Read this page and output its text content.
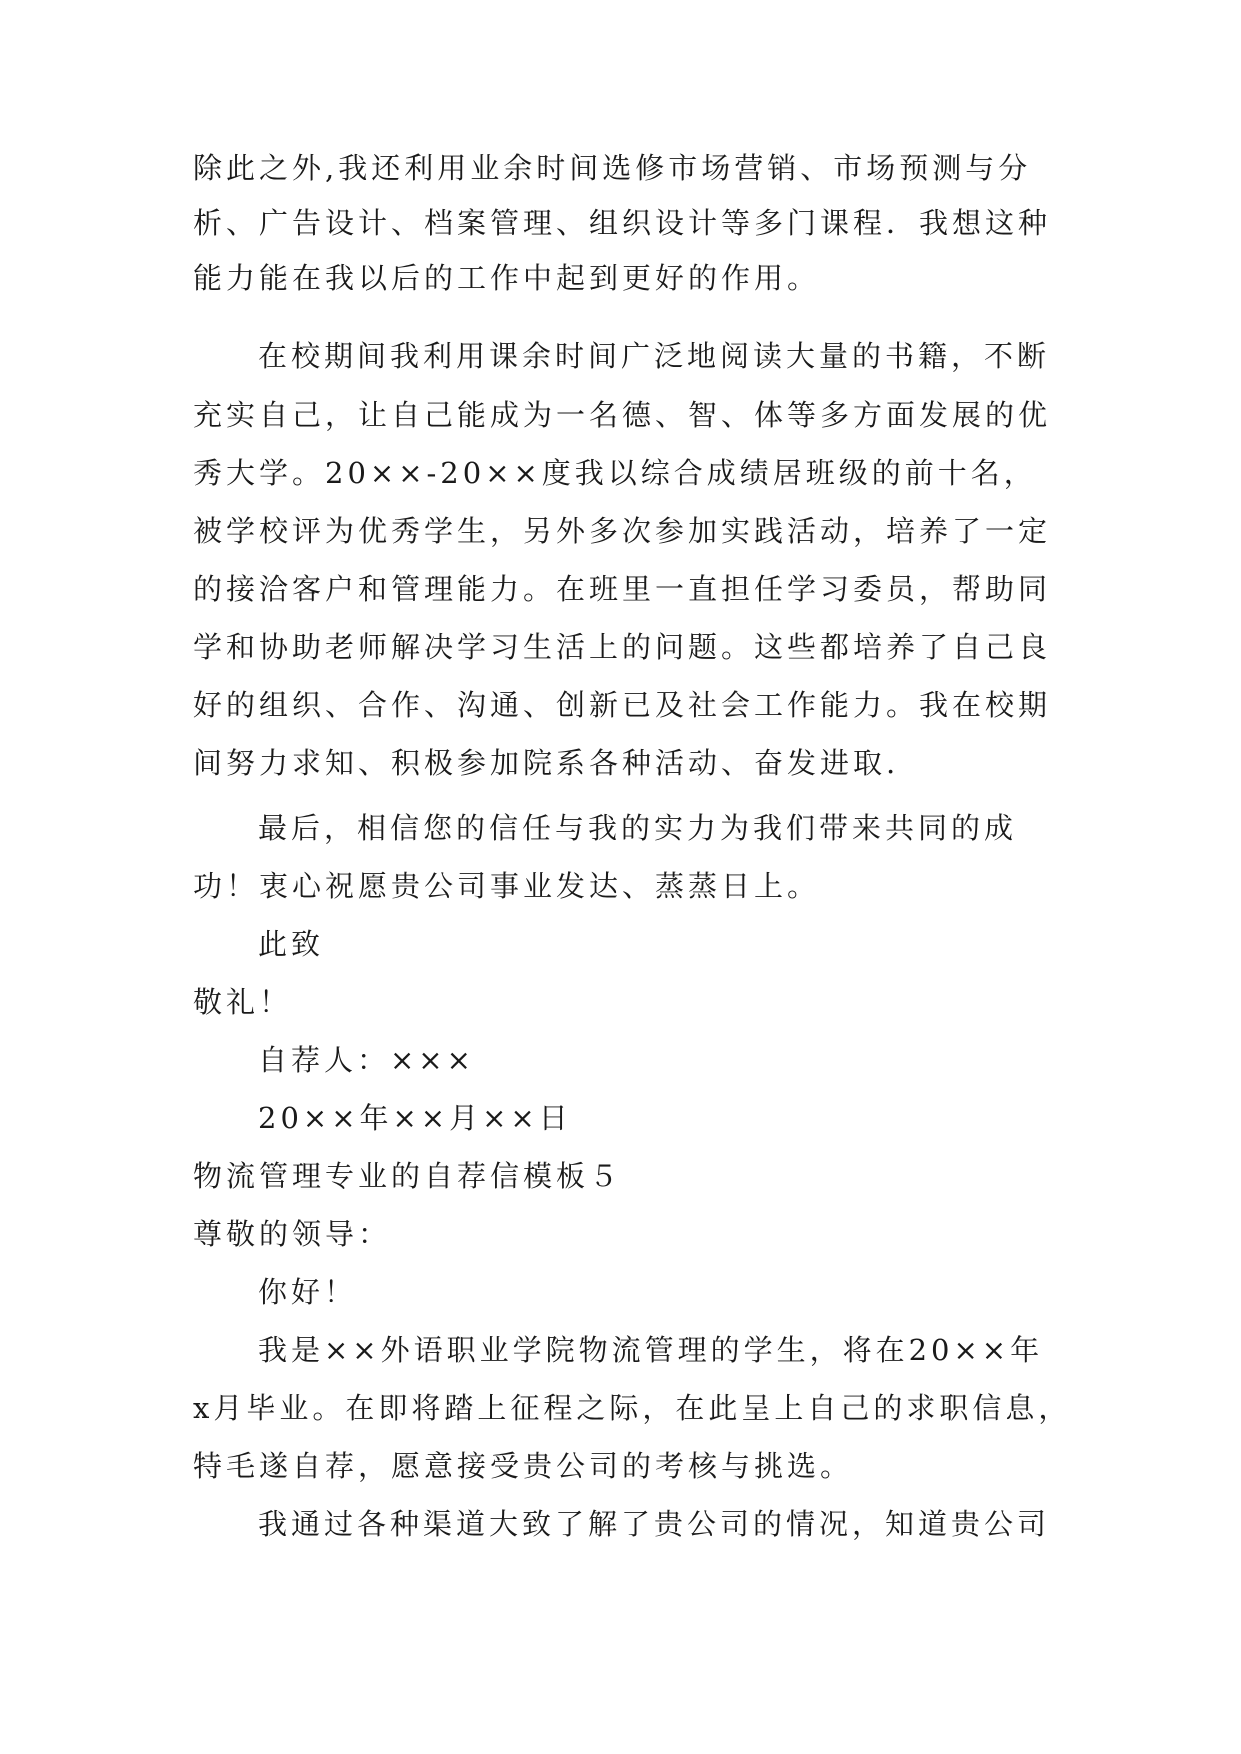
除此之外,我还利用业余时间选修市场营销、市场预测与分

析、广告设计、档案管理、组织设计等多门课程．我想这种

能力能在我以后的工作中起到更好的作用。

在校期间我利用课余时间广泛地阅读大量的书籍，不断

充实自己，让自己能成为一名德、智、体等多方面发展的优

秀大学。20××-20××度我以综合成绩居班级的前十名，

被学校评为优秀学生，另外多次参加实践活动，培养了一定

的接洽客户和管理能力。在班里一直担任学习委员，帮助同

学和协助老师解决学习生活上的问题。这些都培养了自己良

好的组织、合作、沟通、创新已及社会工作能力。我在校期

间努力求知、积极参加院系各种活动、奋发进取.

最后，相信您的信任与我的实力为我们带来共同的成

功！衷心祝愿贵公司事业发达、蒸蒸日上。

此致

敬礼！

自荐人：×××

20××年××月××日

物流管理专业的自荐信模板５

尊敬的领导：

你好！

我是××外语职业学院物流管理的学生，将在20××年

x月毕业。在即将踏上征程之际，在此呈上自己的求职信息，

特毛遂自荐，愿意接受贵公司的考核与挑选。

我通过各种渠道大致了解了贵公司的情况，知道贵公司
